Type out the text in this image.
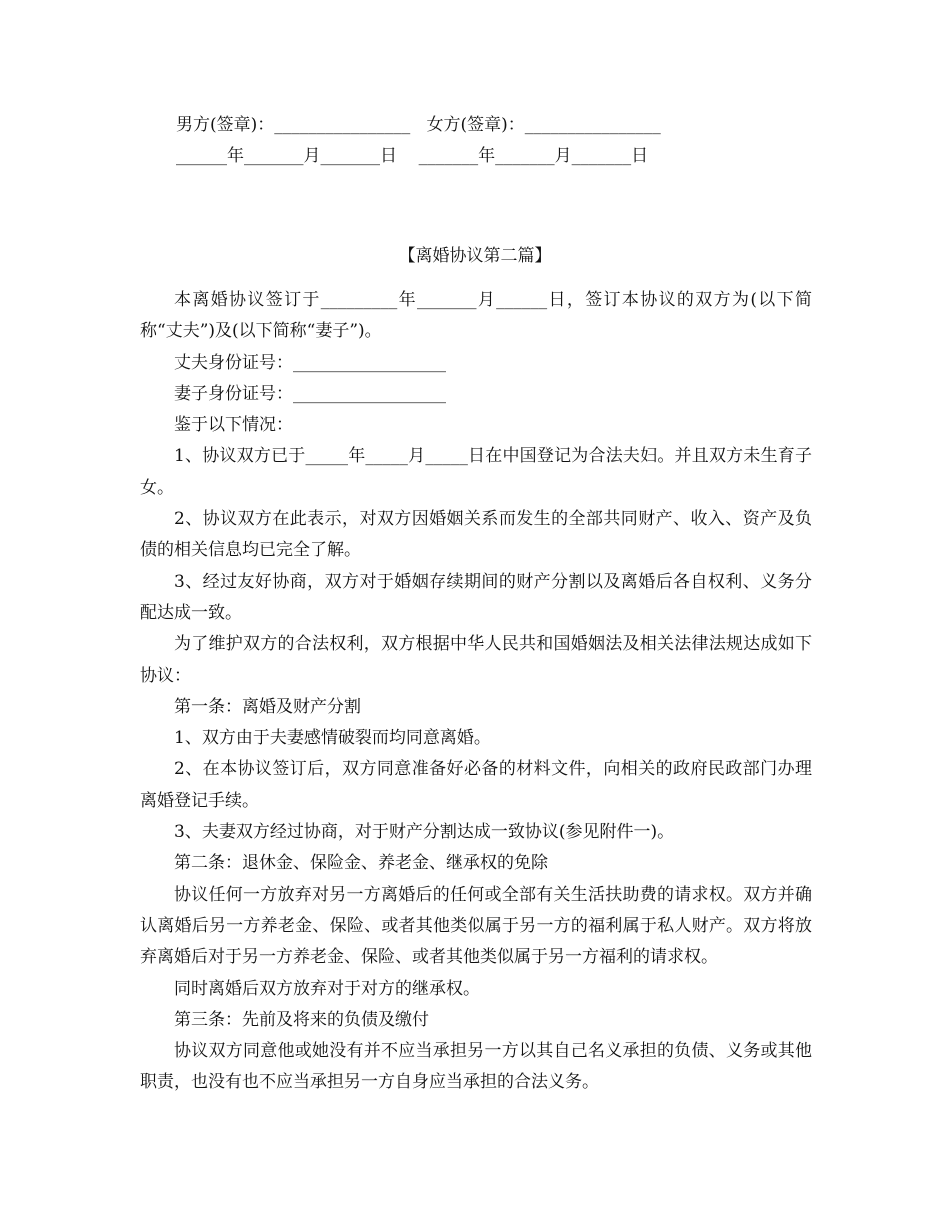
男方(签章)：________________   女方(签章)：________________
______年_______月_______日    _______年_______月_______日
【离婚协议第二篇】

本离婚协议签订于_________年_______月______日，签订本协议的双方为(以下简称“丈夫”)及(以下简称“妻子”)。

丈夫身份证号：__________________

妻子身份证号：__________________

鉴于以下情况：

1、协议双方已于_____年_____月_____日在中国登记为合法夫妇。并且双方未生育子女。

2、协议双方在此表示，对双方因婚姻关系而发生的全部共同财产、收入、资产及负债的相关信息均已完全了解。

3、经过友好协商，双方对于婚姻存续期间的财产分割以及离婚后各自权利、义务分配达成一致。

为了维护双方的合法权利，双方根据中华人民共和国婚姻法及相关法律法规达成如下协议：

第一条：离婚及财产分割

1、双方由于夫妻感情破裂而均同意离婚。

2、在本协议签订后，双方同意准备好必备的材料文件，向相关的政府民政部门办理离婚登记手续。

3、夫妻双方经过协商，对于财产分割达成一致协议(参见附件一)。

第二条：退休金、保险金、养老金、继承权的免除

协议任何一方放弃对另一方离婚后的任何或全部有关生活扶助费的请求权。双方并确认离婚后另一方养老金、保险、或者其他类似属于另一方的福利属于私人财产。双方将放弃离婚后对于另一方养老金、保险、或者其他类似属于另一方福利的请求权。

同时离婚后双方放弃对于对方的继承权。

第三条：先前及将来的负债及缴付

协议双方同意他或她没有并不应当承担另一方以其自己名义承担的负债、义务或其他职责，也没有也不应当承担另一方自身应当承担的合法义务。
